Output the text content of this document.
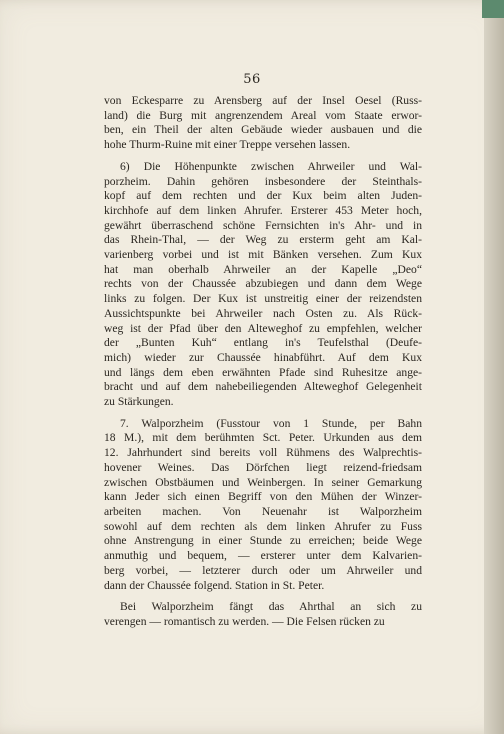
56
von Eckesparre zu Arensberg auf der Insel Oesel (Russ-
land) die Burg mit angrenzendem Areal vom Staate erwor-
ben, ein Theil der alten Gebäude wieder ausbauen und die
hohe Thurm-Ruine mit einer Treppe versehen lassen.
6) Die Höhenpunkte zwischen Ahrweiler und Wal-
porzheim. Dahin gehören insbesondere der Steinthals-
kopf auf dem rechten und der Kux beim alten Juden-
kirchhofe auf dem linken Ahrufer. Ersterer 453 Meter hoch,
gewährt überraschend schöne Fernsichten in's Ahr- und in
das Rhein-Thal, — der Weg zu ersterm geht am Kal-
varienberg vorbei und ist mit Bänken versehen. Zum Kux
hat man oberhalb Ahrweiler an der Kapelle „Deo“
rechts von der Chaussée abzubiegen und dann dem Wege
links zu folgen. Der Kux ist unstreitig einer der reizendsten
Aussichtspunkte bei Ahrweiler nach Osten zu. Als Rück-
weg ist der Pfad über den Alteweghof zu empfehlen, welcher
der „Bunten Kuh“ entlang in's Teufelsthal (Deufe-
mich) wieder zur Chaussée hinabführt. Auf dem Kux
und längs dem eben erwähnten Pfade sind Ruhesitze ange-
bracht und auf dem nahebeiliegenden Alteweghof Gelegenheit
zu Stärkungen.
7. Walporzheim (Fusstour von 1 Stunde, per Bahn
18 M.), mit dem berühmten Sct. Peter. Urkunden aus dem
12. Jahrhundert sind bereits voll Rühmens des Walprechtis-
hovener Weines. Das Dörfchen liegt reizend-friedsam
zwischen Obstbäumen und Weinbergen. In seiner Gemarkung
kann Jeder sich einen Begriff von den Mühen der Winzer-
arbeiten machen. Von Neuenahr ist Walporzheim
sowohl auf dem rechten als dem linken Ahrufer zu Fuss
ohne Anstrengung in einer Stunde zu erreichen; beide Wege
anmuthig und bequem, — ersterer unter dem Kalvarien-
berg vorbei, — letzterer durch oder um Ahrweiler und
dann der Chaussée folgend. Station in St. Peter.
Bei Walporzheim fängt das Ahrthal an sich zu
verengen — romantisch zu werden. — Die Felsen rücken zu
